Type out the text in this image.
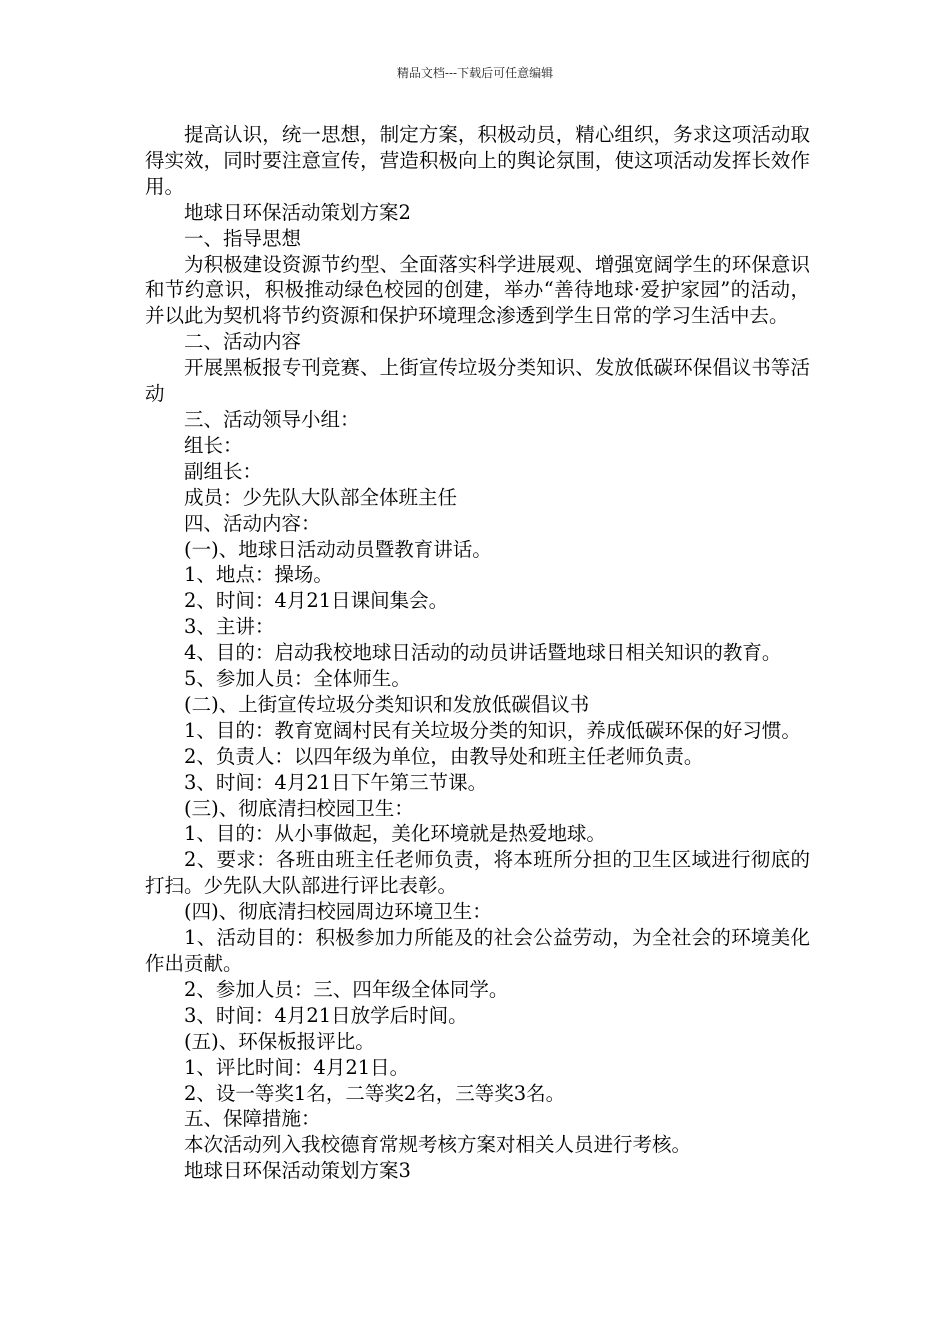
精品文档---下载后可任意编辑

提高认识，统一思想，制定方案，积极动员，精心组织，务求这项活动取得实效，同时要注意宣传，营造积极向上的舆论氛围，使这项活动发挥长效作用。

地球日环保活动策划方案2

一、指导思想

为积极建设资源节约型、全面落实科学进展观、增强宽阔学生的环保意识和节约意识，积极推动绿色校园的创建，举办“善待地球·爱护家园”的活动，并以此为契机将节约资源和保护环境理念渗透到学生日常的学习生活中去。

二、活动内容

开展黑板报专刊竞赛、上街宣传垃圾分类知识、发放低碳环保倡议书等活动

三、活动领导小组：

组长：

副组长：

成员：少先队大队部全体班主任

四、活动内容：

(一)、地球日活动动员暨教育讲话。

1、地点：操场。

2、时间：4月21日课间集会。

3、主讲：

4、目的：启动我校地球日活动的动员讲话暨地球日相关知识的教育。

5、参加人员：全体师生。

(二)、上街宣传垃圾分类知识和发放低碳倡议书

1、目的：教育宽阔村民有关垃圾分类的知识，养成低碳环保的好习惯。

2、负责人：以四年级为单位，由教导处和班主任老师负责。

3、时间：4月21日下午第三节课。

(三)、彻底清扫校园卫生：

1、目的：从小事做起，美化环境就是热爱地球。

2、要求：各班由班主任老师负责，将本班所分担的卫生区域进行彻底的打扫。少先队大队部进行评比表彰。

(四)、彻底清扫校园周边环境卫生：

1、活动目的：积极参加力所能及的社会公益劳动，为全社会的环境美化作出贡献。

2、参加人员：三、四年级全体同学。

3、时间：4月21日放学后时间。

(五)、环保板报评比。

1、评比时间：4月21日。

2、设一等奖1名，二等奖2名，三等奖3名。

五、保障措施：

本次活动列入我校德育常规考核方案对相关人员进行考核。

地球日环保活动策划方案3
